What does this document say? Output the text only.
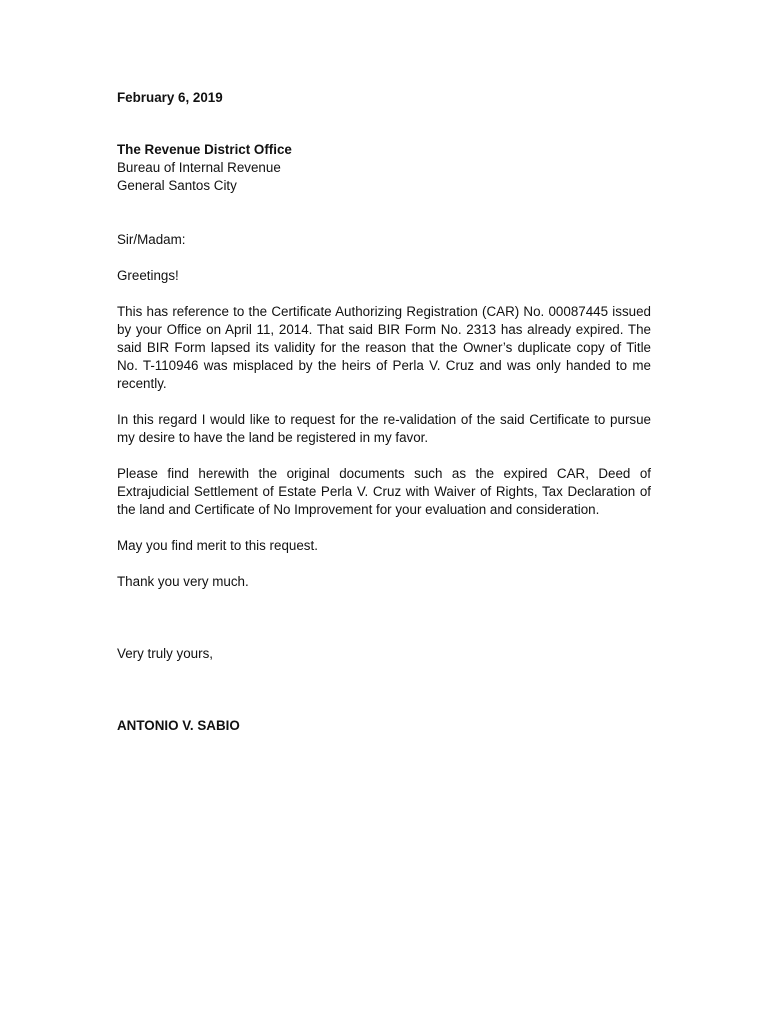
February 6, 2019

The Revenue District Office

Bureau of Internal Revenue

General Santos City

Sir/Madam:

Greetings!

This has reference to the Certificate Authorizing Registration (CAR) No. 00087445 issued by your Office on April 11, 2014. That said BIR Form No. 2313 has already expired. The said BIR Form lapsed its validity for the reason that the Owner’s duplicate copy of Title No. T-110946 was misplaced by the heirs of Perla V. Cruz and was only handed to me recently.

In this regard I would like to request for the re-validation of the said Certificate to pursue my desire to have the land be registered in my favor.

Please find herewith the original documents such as the expired CAR, Deed of Extrajudicial Settlement of Estate Perla V. Cruz with Waiver of Rights, Tax Declaration of the land and Certificate of No Improvement for your evaluation and consideration.

May you find merit to this request.

Thank you very much.

Very truly yours,

ANTONIO V. SABIO
